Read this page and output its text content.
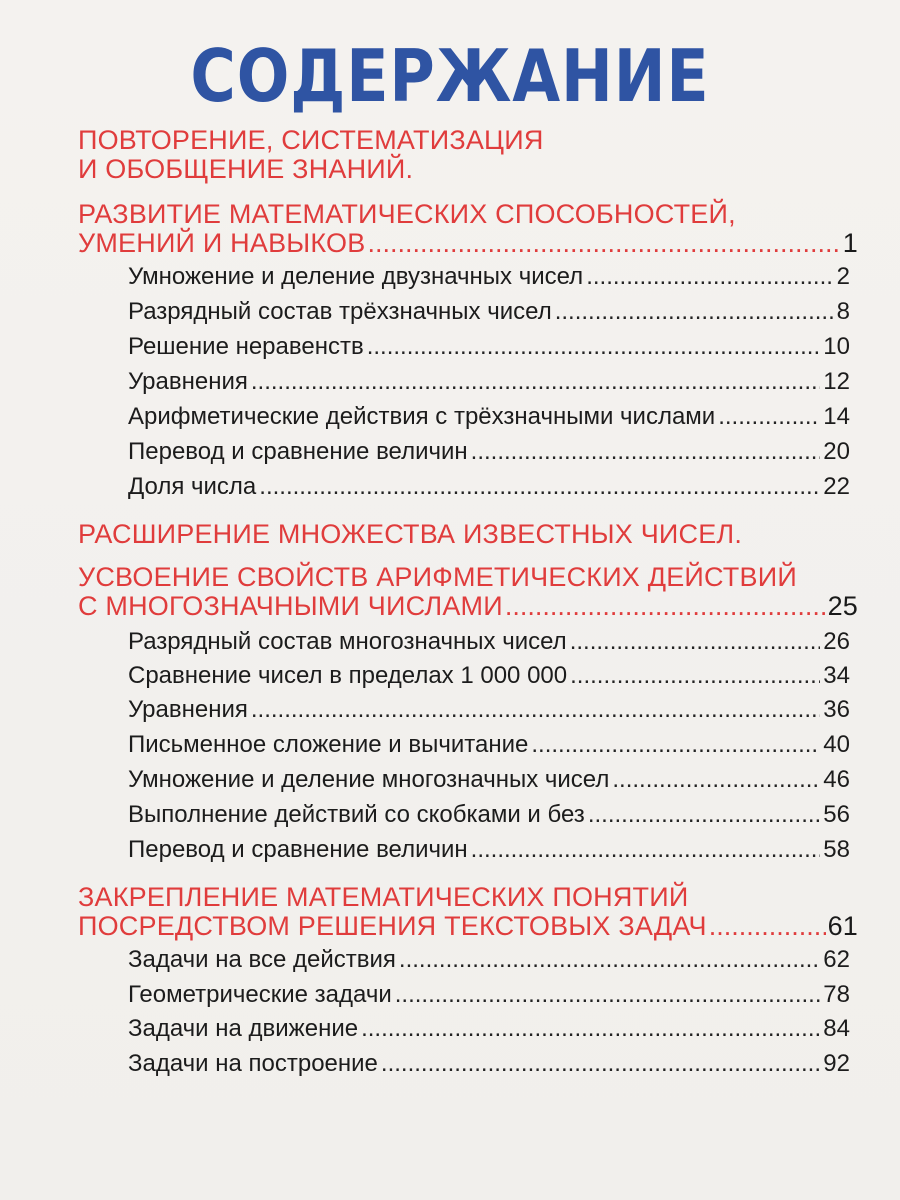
СОДЕРЖАНИЕ
ПОВТОРЕНИЕ, СИСТЕМАТИЗАЦИЯ
И ОБОБЩЕНИЕ ЗНАНИЙ.
РАЗВИТИЕ МАТЕМАТИЧЕСКИХ СПОСОБНОСТЕЙ,
УМЕНИЙ И НАВЫКОВ .....	1
Умножение и деление двузначных чисел .....	2
Разрядный состав трёхзначных чисел .....	8
Решение неравенств .....	10
Уравнения .....	12
Арифметические действия с трёхзначными числами .....	14
Перевод и сравнение величин .....	20
Доля числа .....	22
РАСШИРЕНИЕ МНОЖЕСТВА ИЗВЕСТНЫХ ЧИСЕЛ.
УСВОЕНИЕ СВОЙСТВ АРИФМЕТИЧЕСКИХ ДЕЙСТВИЙ
С МНОГОЗНАЧНЫМИ ЧИСЛАМИ .....	25
Разрядный состав многозначных чисел .....	26
Сравнение чисел в пределах 1 000 000 .....	34
Уравнения .....	36
Письменное сложение и вычитание .....	40
Умножение и деление многозначных чисел .....	46
Выполнение действий со скобками и без .....	56
Перевод и сравнение величин .....	58
ЗАКРЕПЛЕНИЕ МАТЕМАТИЧЕСКИХ ПОНЯТИЙ
ПОСРЕДСТВОМ РЕШЕНИЯ ТЕКСТОВЫХ ЗАДАЧ .....	61
Задачи на все действия .....	62
Геометрические задачи .....	78
Задачи на движение .....	84
Задачи на построение .....	92
